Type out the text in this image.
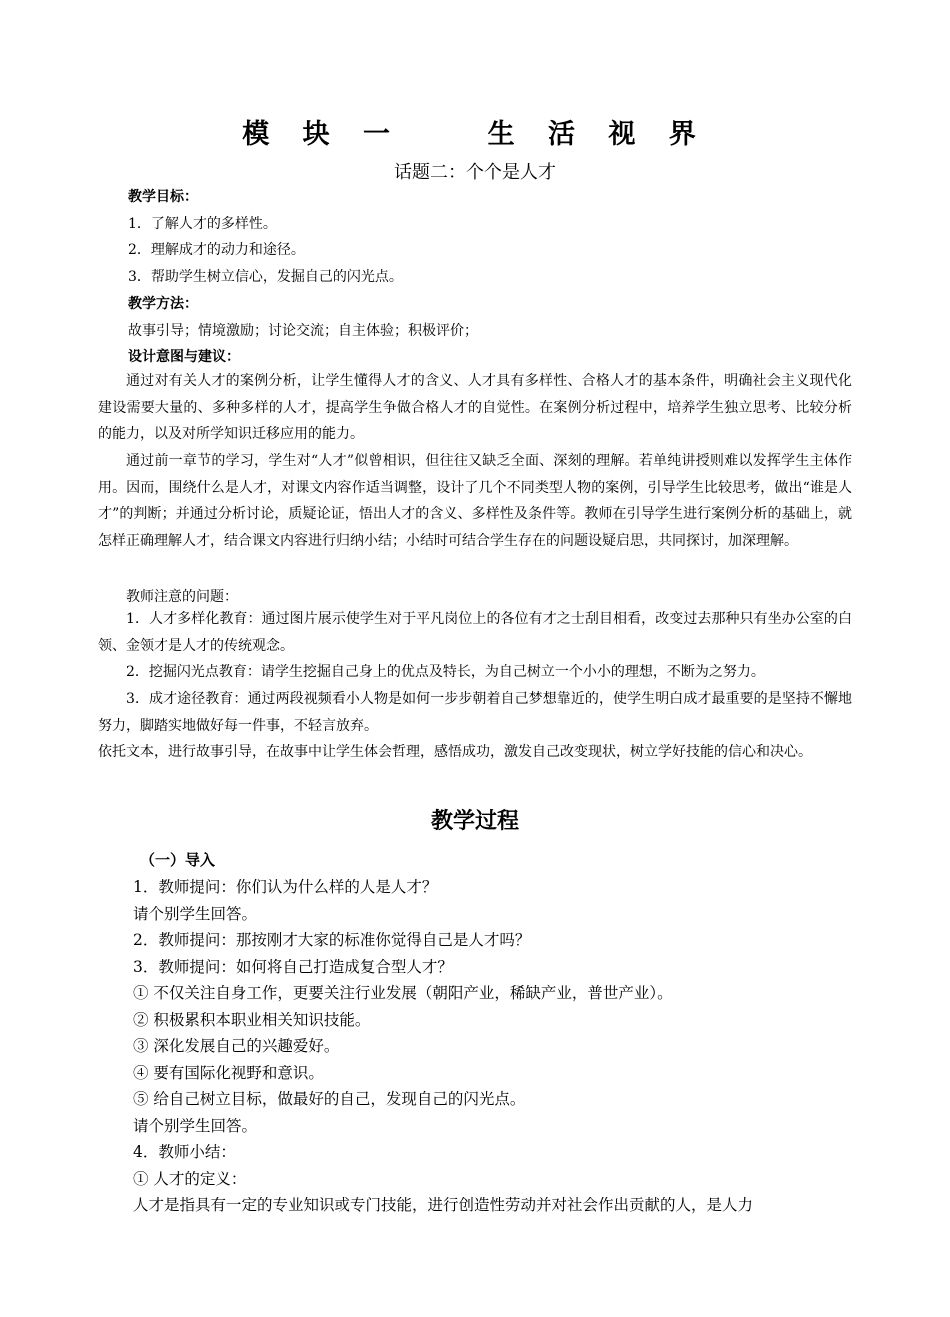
模 块 一    生 活 视 界
话题二：个个是人才
教学目标：
1．了解人才的多样性。
2．理解成才的动力和途径。
3．帮助学生树立信心，发掘自己的闪光点。
教学方法：
故事引导；情境激励；讨论交流；自主体验；积极评价；
设计意图与建议：

通过对有关人才的案例分析，让学生懂得人才的含义、人才具有多样性、合格人才的基本条件，明确社会主义现代化建设需要大量的、多种多样的人才，提高学生争做合格人才的自觉性。在案例分析过程中，培养学生独立思考、比较分析的能力，以及对所学知识迁移应用的能力。

通过前一章节的学习，学生对“人才”似曾相识，但往往又缺乏全面、深刻的理解。若单纯讲授则难以发挥学生主体作用。因而，围绕什么是人才，对课文内容作适当调整，设计了几个不同类型人物的案例，引导学生比较思考，做出“谁是人才”的判断；并通过分析讨论，质疑论证，悟出人才的含义、多样性及条件等。教师在引导学生进行案例分析的基础上，就怎样正确理解人才，结合课文内容进行归纳小结；小结时可结合学生存在的问题设疑启思，共同探讨，加深理解。

教师注意的问题：

1．人才多样化教育：通过图片展示使学生对于平凡岗位上的各位有才之士刮目相看，改变过去那种只有坐办公室的白领、金领才是人才的传统观念。

2．挖掘闪光点教育：请学生挖掘自己身上的优点及特长，为自己树立一个小小的理想，不断为之努力。

3．成才途径教育：通过两段视频看小人物是如何一步步朝着自己梦想靠近的，使学生明白成才最重要的是坚持不懈地努力，脚踏实地做好每一件事，不轻言放弃。

依托文本，进行故事引导，在故事中让学生体会哲理，感悟成功，激发自己改变现状，树立学好技能的信心和决心。

教学过程
（一）导入
1．教师提问：你们认为什么样的人是人才？
请个别学生回答。
2．教师提问：那按刚才大家的标准你觉得自己是人才吗？
3．教师提问：如何将自己打造成复合型人才？
① 不仅关注自身工作，更要关注行业发展（朝阳产业，稀缺产业，普世产业）。
② 积极累积本职业相关知识技能。
③ 深化发展自己的兴趣爱好。
④ 要有国际化视野和意识。
⑤ 给自己树立目标，做最好的自己，发现自己的闪光点。
请个别学生回答。
4．教师小结：
① 人才的定义：
人才是指具有一定的专业知识或专门技能，进行创造性劳动并对社会作出贡献的人，是人力
